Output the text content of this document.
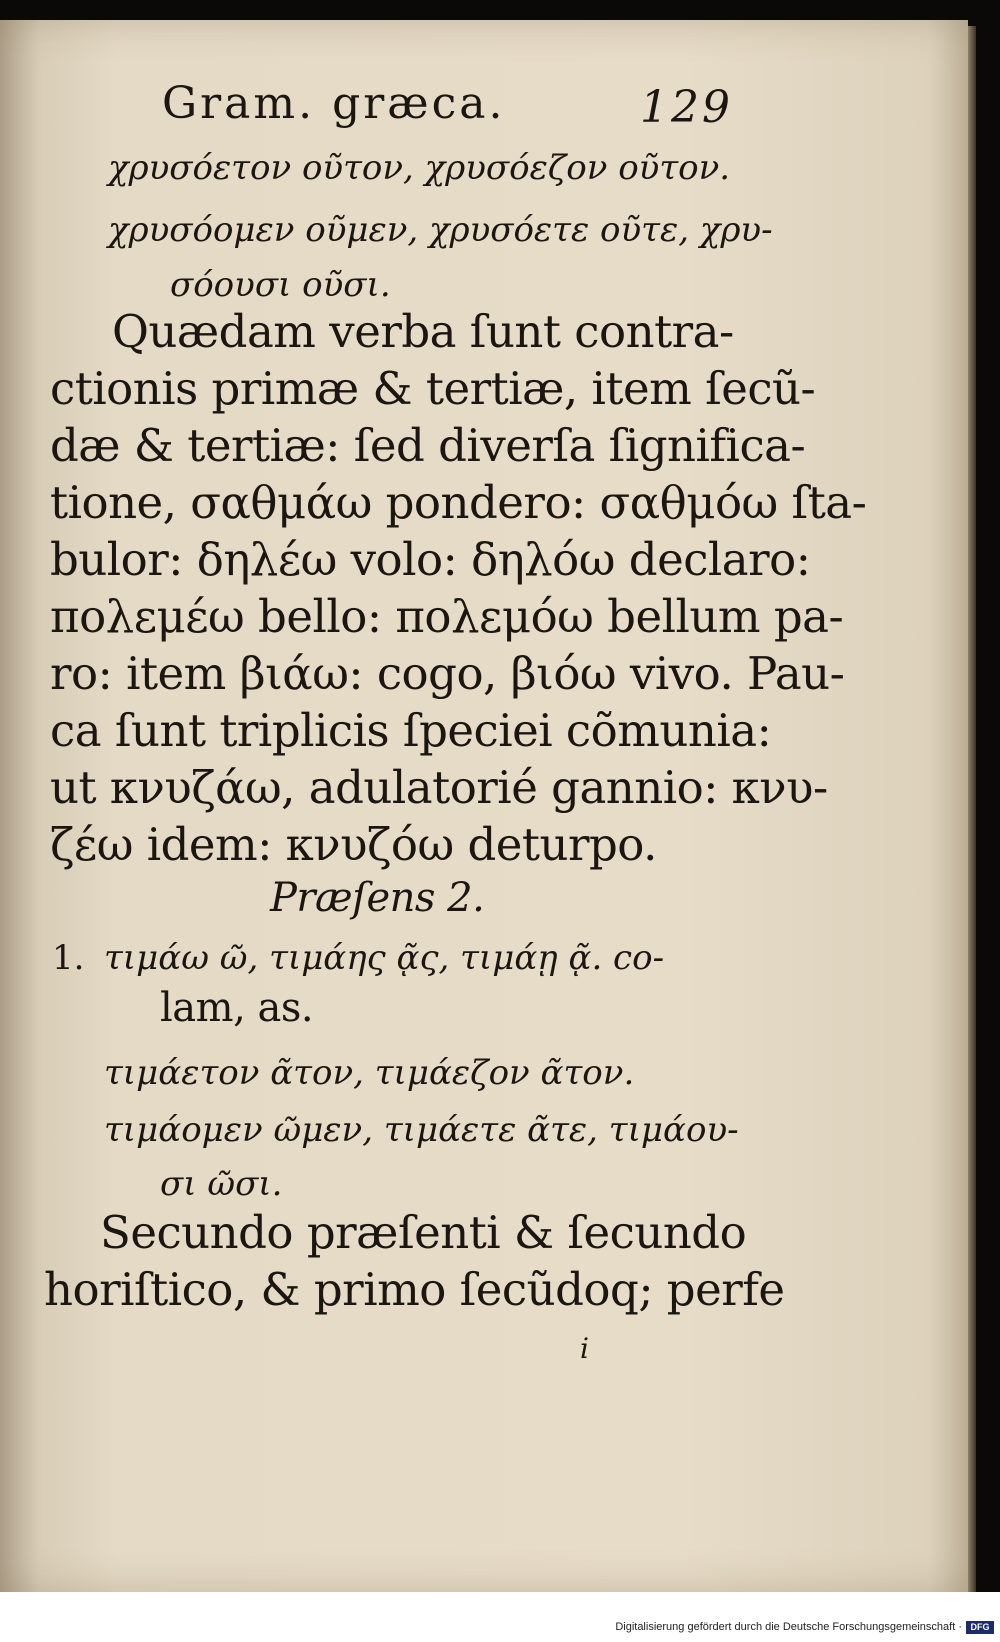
Gram. græca.	129
χρυσόετον οῦτον, χρυσόεζον οῦτον.
χρυσόομεν οῦμεν, χρυσόετε οῦτε, χρυ-
σόουσι οῦσι.
Quædam verba ſunt contra-
ctionis primæ & tertiæ, item ſecũ-
dæ & tertiæ: ſed diverſa ſignifica-
tione, σαθμάω pondero: σαθμόω ſta-
bulor: δηλέω volo: δηλόω declaro:
πολεμέω bello: πολεμόω bellum pa-
ro: item βιάω: cogo, βιόω vivo. Pau-
ca ſunt triplicis ſpeciei cõmunia:
ut κνυζάω, adulatorié gannio: κνυ-
ζέω idem: κνυζόω deturpo.
Præſens 2.
1. τιμάω ῶ, τιμάης ᾷς, τιμάῃ ᾷ. co-
lam, as.
τιμάετον ᾶτον, τιμάεζον ᾶτον.
τιμάομεν ῶμεν, τιμάετε ᾶτε, τιμάου-
σι ῶσι.
Secundo præſenti & ſecundo
horiſtico, & primo ſecũdoq; perfe
i
Digitalisierung gefördert durch die Deutsche Forschungsgemeinschaft · DFG
